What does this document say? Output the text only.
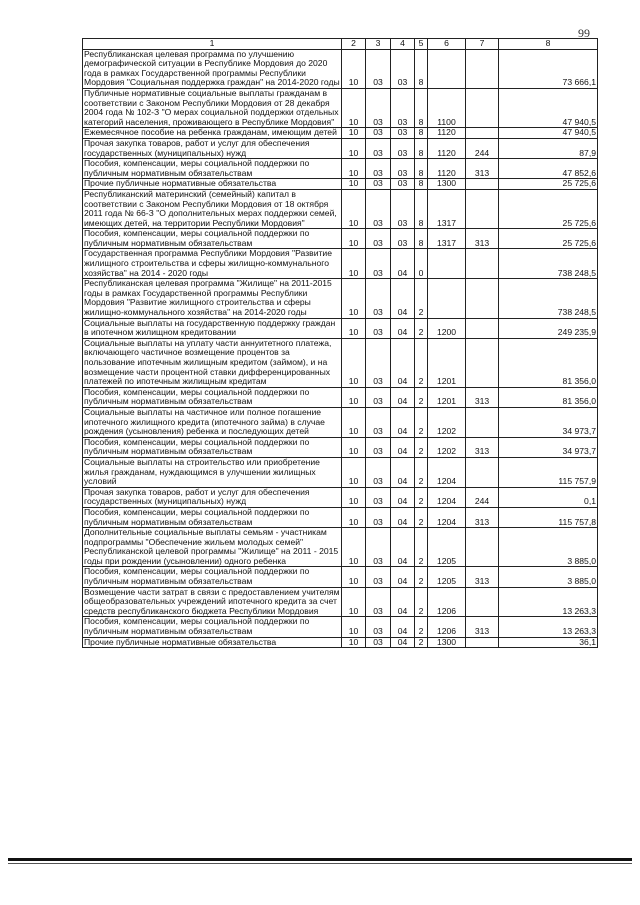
99
1	2	3	4	5	6	7	8
Республиканская целевая программа по улучшению демографической ситуации в Республике Мордовия до 2020 года в рамках Государственной программы Республики Мордовия "Социальная поддержка граждан" на 2014-2020 годы	10	03	03	8			73 666,1
Публичные нормативные социальные выплаты гражданам в соответствии с Законом Республики Мордовия от 28 декабря 2004 года № 102-З "О мерах социальной поддержки отдельных категорий населения, проживающего в Республике Мордовия"	10	03	03	8	1100		47 940,5
Ежемесячное пособие на ребенка гражданам, имеющим детей	10	03	03	8	1120		47 940,5
Прочая закупка товаров, работ и услуг для обеспечения государственных (муниципальных) нужд	10	03	03	8	1120	244	87,9
Пособия, компенсации, меры социальной поддержки по публичным нормативным обязательствам	10	03	03	8	1120	313	47 852,6
Прочие публичные нормативные обязательства	10	03	03	8	1300		25 725,6
Республиканский материнский (семейный) капитал в соответствии с Законом Республики Мордовия от 18 октября 2011 года № 66-З "О дополнительных мерах поддержки семей, имеющих детей, на территории Республики Мордовия"	10	03	03	8	1317		25 725,6
Пособия, компенсации, меры социальной поддержки по публичным нормативным обязательствам	10	03	03	8	1317	313	25 725,6
Государственная программа Республики Мордовия "Развитие жилищного строительства и сферы жилищно-коммунального хозяйства" на 2014 - 2020 годы	10	03	04	0			738 248,5
Республиканская целевая программа "Жилище" на 2011-2015 годы в рамках Государственной программы Республики Мордовия "Развитие жилищного строительства и сферы жилищно-коммунального хозяйства" на 2014-2020 годы	10	03	04	2			738 248,5
Социальные выплаты на государственную поддержку граждан в ипотечном жилищном кредитовании	10	03	04	2	1200		249 235,9
Социальные выплаты на уплату части аннуитетного платежа, включающего частичное возмещение процентов за пользование ипотечным жилищным кредитом (займом), и на возмещение части процентной ставки дифференцированных платежей по ипотечным жилищным кредитам	10	03	04	2	1201		81 356,0
Пособия, компенсации, меры социальной поддержки по публичным нормативным обязательствам	10	03	04	2	1201	313	81 356,0
Социальные выплаты на частичное или полное погашение ипотечного жилищного кредита (ипотечного займа) в случае рождения (усыновления) ребенка и последующих детей	10	03	04	2	1202		34 973,7
Пособия, компенсации, меры социальной поддержки по публичным нормативным обязательствам	10	03	04	2	1202	313	34 973,7
Социальные выплаты на строительство или приобретение жилья гражданам, нуждающимся в улучшении жилищных условий	10	03	04	2	1204		115 757,9
Прочая закупка товаров, работ и услуг для обеспечения государственных (муниципальных) нужд	10	03	04	2	1204	244	0,1
Пособия, компенсации, меры социальной поддержки по публичным нормативным обязательствам	10	03	04	2	1204	313	115 757,8
Дополнительные социальные выплаты семьям - участникам подпрограммы "Обеспечение жильем молодых семей" Республиканской целевой программы "Жилище" на 2011 - 2015 годы при рождении (усыновлении) одного ребенка	10	03	04	2	1205		3 885,0
Пособия, компенсации, меры социальной поддержки по публичным нормативным обязательствам	10	03	04	2	1205	313	3 885,0
Возмещение части затрат в связи с предоставлением учителям общеобразовательных учреждений ипотечного кредита за счет средств республиканского бюджета Республики Мордовия	10	03	04	2	1206		13 263,3
Пособия, компенсации, меры социальной поддержки по публичным нормативным обязательствам	10	03	04	2	1206	313	13 263,3
Прочие публичные нормативные обязательства	10	03	04	2	1300		36,1
